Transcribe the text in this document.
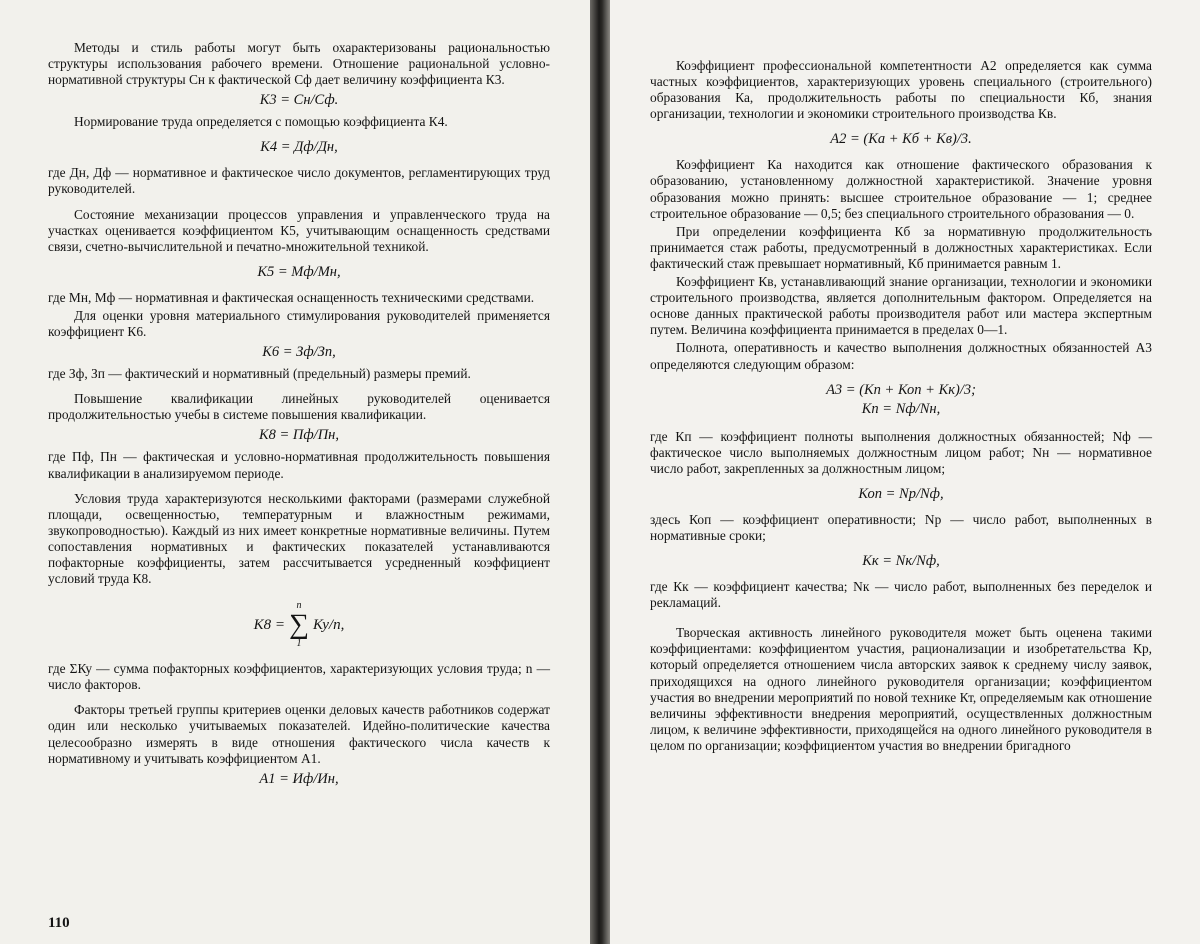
Методы и стиль работы могут быть охарактеризованы рациональностью структуры использования рабочего времени. Отношение рациональной условно-нормативной структуры Сн к фактической Сф дает величину коэффициента К3.

К3 = Сн/Сф.

Нормирование труда определяется с помощью коэффициента К4.

К4 = Дф/Дн,

где Дн, Дф — нормативное и фактическое число документов, регламентирующих труд руководителей.

Состояние механизации процессов управления и управленческого труда на участках оценивается коэффициентом К5, учитывающим оснащенность средствами связи, счетно-вычислительной и печатно-множительной техникой.

К5 = Мф/Мн,

где Мн, Мф — нормативная и фактическая оснащенность техническими средствами.

Для оценки уровня материального стимулирования руководителей применяется коэффициент К6.

К6 = Зф/Зп,

где Зф, Зп — фактический и нормативный (предельный) размеры премий.

Повышение квалификации линейных руководителей оценивается продолжительностью учебы в системе повышения квалификации.

К8 = Пф/Пн,

где Пф, Пн — фактическая и условно-нормативная продолжительность повышения квалификации в анализируемом периоде.

Условия труда характеризуются несколькими факторами (размерами служебной площади, освещенностью, температурным и влажностным режимами, звукопроводностью). Каждый из них имеет конкретные нормативные величины. Путем сопоставления нормативных и фактических показателей устанавливаются пофакторные коэффициенты, затем рассчитывается усредненный коэффициент условий труда К8.

К8 =
n
∑
1
Ку/n,

где ΣКу — сумма пофакторных коэффициентов, характеризующих условия труда; n — число факторов.

Факторы третьей группы критериев оценки деловых качеств работников содержат один или несколько учитываемых показателей. Идейно-политические качества целесообразно измерять в виде отношения фактического числа качеств к нормативному и учитывать коэффициентом А1.

А1 = Иф/Ин,
110

Коэффициент профессиональной компетентности А2 определяется как сумма частных коэффициентов, характеризующих уровень специального (строительного) образования Ка, продолжительность работы по специальности Кб, знания организации, технологии и экономики строительного производства Кв.

А2 = (Ка + Кб + Кв)/3.

Коэффициент Ка находится как отношение фактического образования к образованию, установленному должностной характеристикой. Значение уровня образования можно принять: высшее строительное образование — 1; среднее строительное образование — 0,5; без специального строительного образования — 0.

При определении коэффициента Кб за нормативную продолжительность принимается стаж работы, предусмотренный в должностных характеристиках. Если фактический стаж превышает нормативный, Кб принимается равным 1.

Коэффициент Кв, устанавливающий знание организации, технологии и экономики строительного производства, является дополнительным фактором. Определяется на основе данных практической работы производителя работ или мастера экспертным путем. Величина коэффициента принимается в пределах 0—1.

Полнота, оперативность и качество выполнения должностных обязанностей А3 определяются следующим образом:

А3 = (Кп + Коп + Кк)/3;
Кп = Nф/Nн,

где Кп — коэффициент полноты выполнения должностных обязанностей; Nф — фактическое число выполняемых должностным лицом работ; Nн — нормативное число работ, закрепленных за должностным лицом;

Коп = Nр/Nф,

здесь Коп — коэффициент оперативности; Nр — число работ, выполненных в нормативные сроки;

Кк = Nк/Nф,

где Кк — коэффициент качества; Nк — число работ, выполненных без переделок и рекламаций.

Творческая активность линейного руководителя может быть оценена такими коэффициентами: коэффициентом участия, рационализации и изобретательства Кр, который определяется отношением числа авторских заявок к среднему числу заявок, приходящихся на одного линейного руководителя организации; коэффициентом участия во внедрении мероприятий по новой технике Кт, определяемым как отношение величины эффективности внедрения мероприятий, осуществленных должностным лицом, к величине эффективности, приходящейся на одного линейного руководителя в целом по организации; коэффициентом участия во внедрении бригадного
